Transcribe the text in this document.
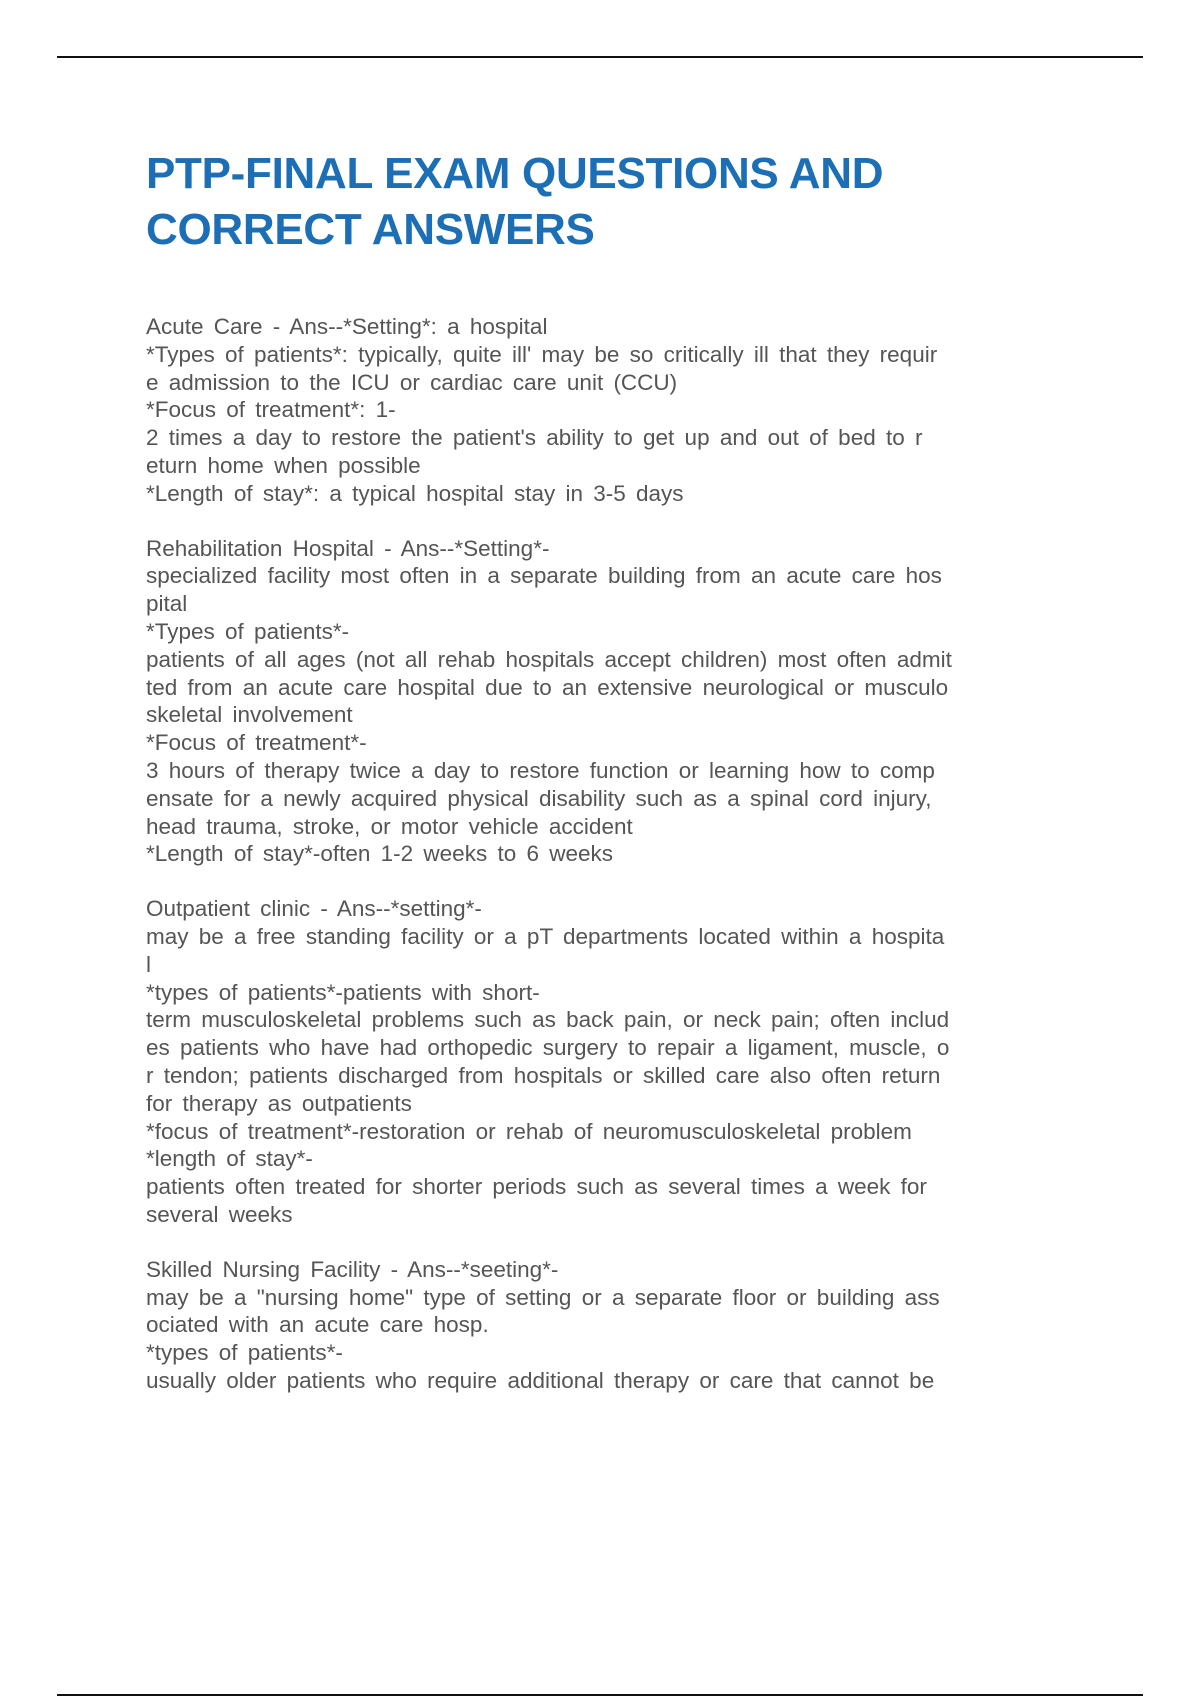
PTP-FINAL EXAM QUESTIONS AND
CORRECT ANSWERS
Acute Care - Ans--*Setting*: a hospital
*Types of patients*: typically, quite ill' may be so critically ill that they requir
e admission to the ICU or cardiac care unit (CCU)
*Focus of treatment*: 1-
2 times a day to restore the patient's ability to get up and out of bed to r
eturn home when possible
*Length of stay*: a typical hospital stay in 3-5 days
Rehabilitation Hospital - Ans--*Setting*-
specialized facility most often in a separate building from an acute care hos
pital
*Types of patients*-
patients of all ages (not all rehab hospitals accept children) most often admit
ted from an acute care hospital due to an extensive neurological or musculo
skeletal involvement
*Focus of treatment*-
3 hours of therapy twice a day to restore function or learning how to comp
ensate for a newly acquired physical disability such as a spinal cord injury,
head trauma, stroke, or motor vehicle accident
*Length of stay*-often 1-2 weeks to 6 weeks
Outpatient clinic - Ans--*setting*-
may be a free standing facility or a pT departments located within a hospita
l
*types of patients*-patients with short-
term musculoskeletal problems such as back pain, or neck pain; often includ
es patients who have had orthopedic surgery to repair a ligament, muscle, o
r tendon; patients discharged from hospitals or skilled care also often return
for therapy as outpatients
*focus of treatment*-restoration or rehab of neuromusculoskeletal problem
*length of stay*-
patients often treated for shorter periods such as several times a week for
several weeks
Skilled Nursing Facility - Ans--*seeting*-
may be a "nursing home" type of setting or a separate floor or building ass
ociated with an acute care hosp.
*types of patients*-
usually older patients who require additional therapy or care that cannot be
